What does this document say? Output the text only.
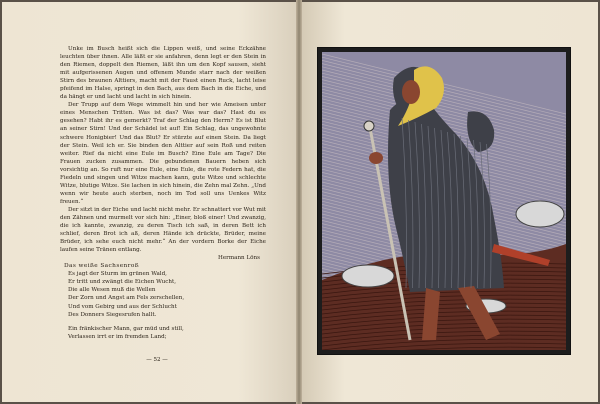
Unke im Busch heißt sich die Lippen weiß, und seine Eckzähne leuchten über ihnen. Alle läßt er sie anfahren, denn legt er den Stein in den Riemen, doppelt den Riemen, läßt ihn um den Kopf sausen, sieht mit aufgerissenen Augen und offenem Munde starr nach der weißen Stirn des braunen Alttiers, macht mit der Faust einen Ruck, lacht leise pfeifend im Halse, springt in den Bach, aus dem Bach in die Eiche, und da hängt er und lacht und lacht in sich hinein.

Der Trupp auf dem Wege wimmelt hin und her wie Ameisen unter eines Menschen Tritten. Was ist das? Was war das? Hast du es gesehen? Habt ihr es gemerkt? Traf der Schlag den Herrn? Es ist Blut an seiner Stirn! Und der Schädel ist auf! Ein Schlag, das ungewohnte schwere Honigbier! Und das Blut? Er stürzte auf einen Stein. Da liegt der Stein. Weil ich er. Sie binden den Alttier auf sein Roß und reiten weiter. Rief da nicht eine Eule im Busch? Eine Eule am Tage? Die Frauen zucken zusammen. Die gebundenen Bauern heben sich vorsichtig an. So ruft nur eine Eule, eine Eule, die rote Federn hat, die Fiedeln und singen und Witze machen kann, gute Witze und schlechte Witze, blutige Witze. Sie lachen in sich hinein, die Zehn mal Zehn. „Und wenn wir heute auch sterben, noch im Tod soll uns Uenkes Witz freuen.“

Der sitzt in der Eiche und lacht nicht mehr. Er schnattert vor Wut mit den Zähnen und murmelt vor sich hin: „Einer, bloß einer! Und zwanzig, die ich kannte, zwanzig, zu deren Tisch ich saß, in deren Bett ich schlief, deren Brot ich aß, deren Hände ich drückte, Brüder, meine Brüder, ich sehe euch nicht mehr.“ An der vordern Borke der Eiche laufen seine Tränen entlang.

Hermann Löns

Das weiße Sachsenroß

Es jagt der Sturm im grünen Wald,

Er tritt und zwängt die Eichen Wucht,

Die alle Wesen muß die Wellen

Der Zorn und Angst am Fels zerschellen,

Und vom Gebirg und aus der Schlucht

Des Donners Siegesrufen hallt.

Ein fränkischer Mann, gar müd und still,

Verlassen irrt er im fremden Land;

— 52 —
